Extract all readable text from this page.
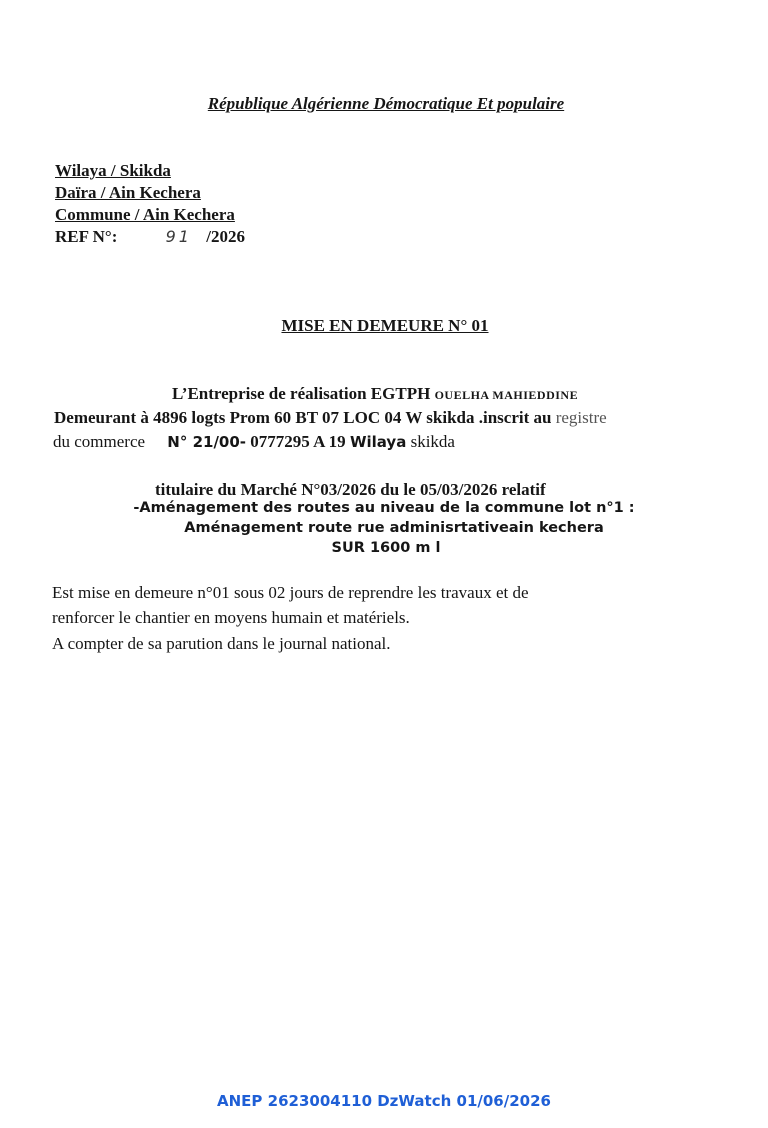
République Algérienne Démocratique Et populaire
Wilaya / Skikda
Daïra / Ain Kechera
Commune / Ain Kechera
REF N°:	91 /2026
MISE EN DEMEURE N° 01
L’Entreprise de réalisation EGTPH OUELHA MAHIEDDINE
Demeurant à 4896 logts Prom 60 BT 07 LOC 04 W skikda .inscrit au registre
du commerce N° 21/00- 0777295 A 19 Wilaya skikda
titulaire du Marché N°03/2026 du le 05/03/2026 relatif
-Aménagement des routes au niveau de la commune lot n°1 :
Aménagement route rue adminisrtativeain kechera
SUR 1600 m l
Est mise en demeure n°01 sous 02 jours de reprendre les travaux et de
renforcer le chantier en moyens humain et matériels.
A compter de sa parution dans le journal national.
ANEP 2623004110 DzWatch 01/06/2026
